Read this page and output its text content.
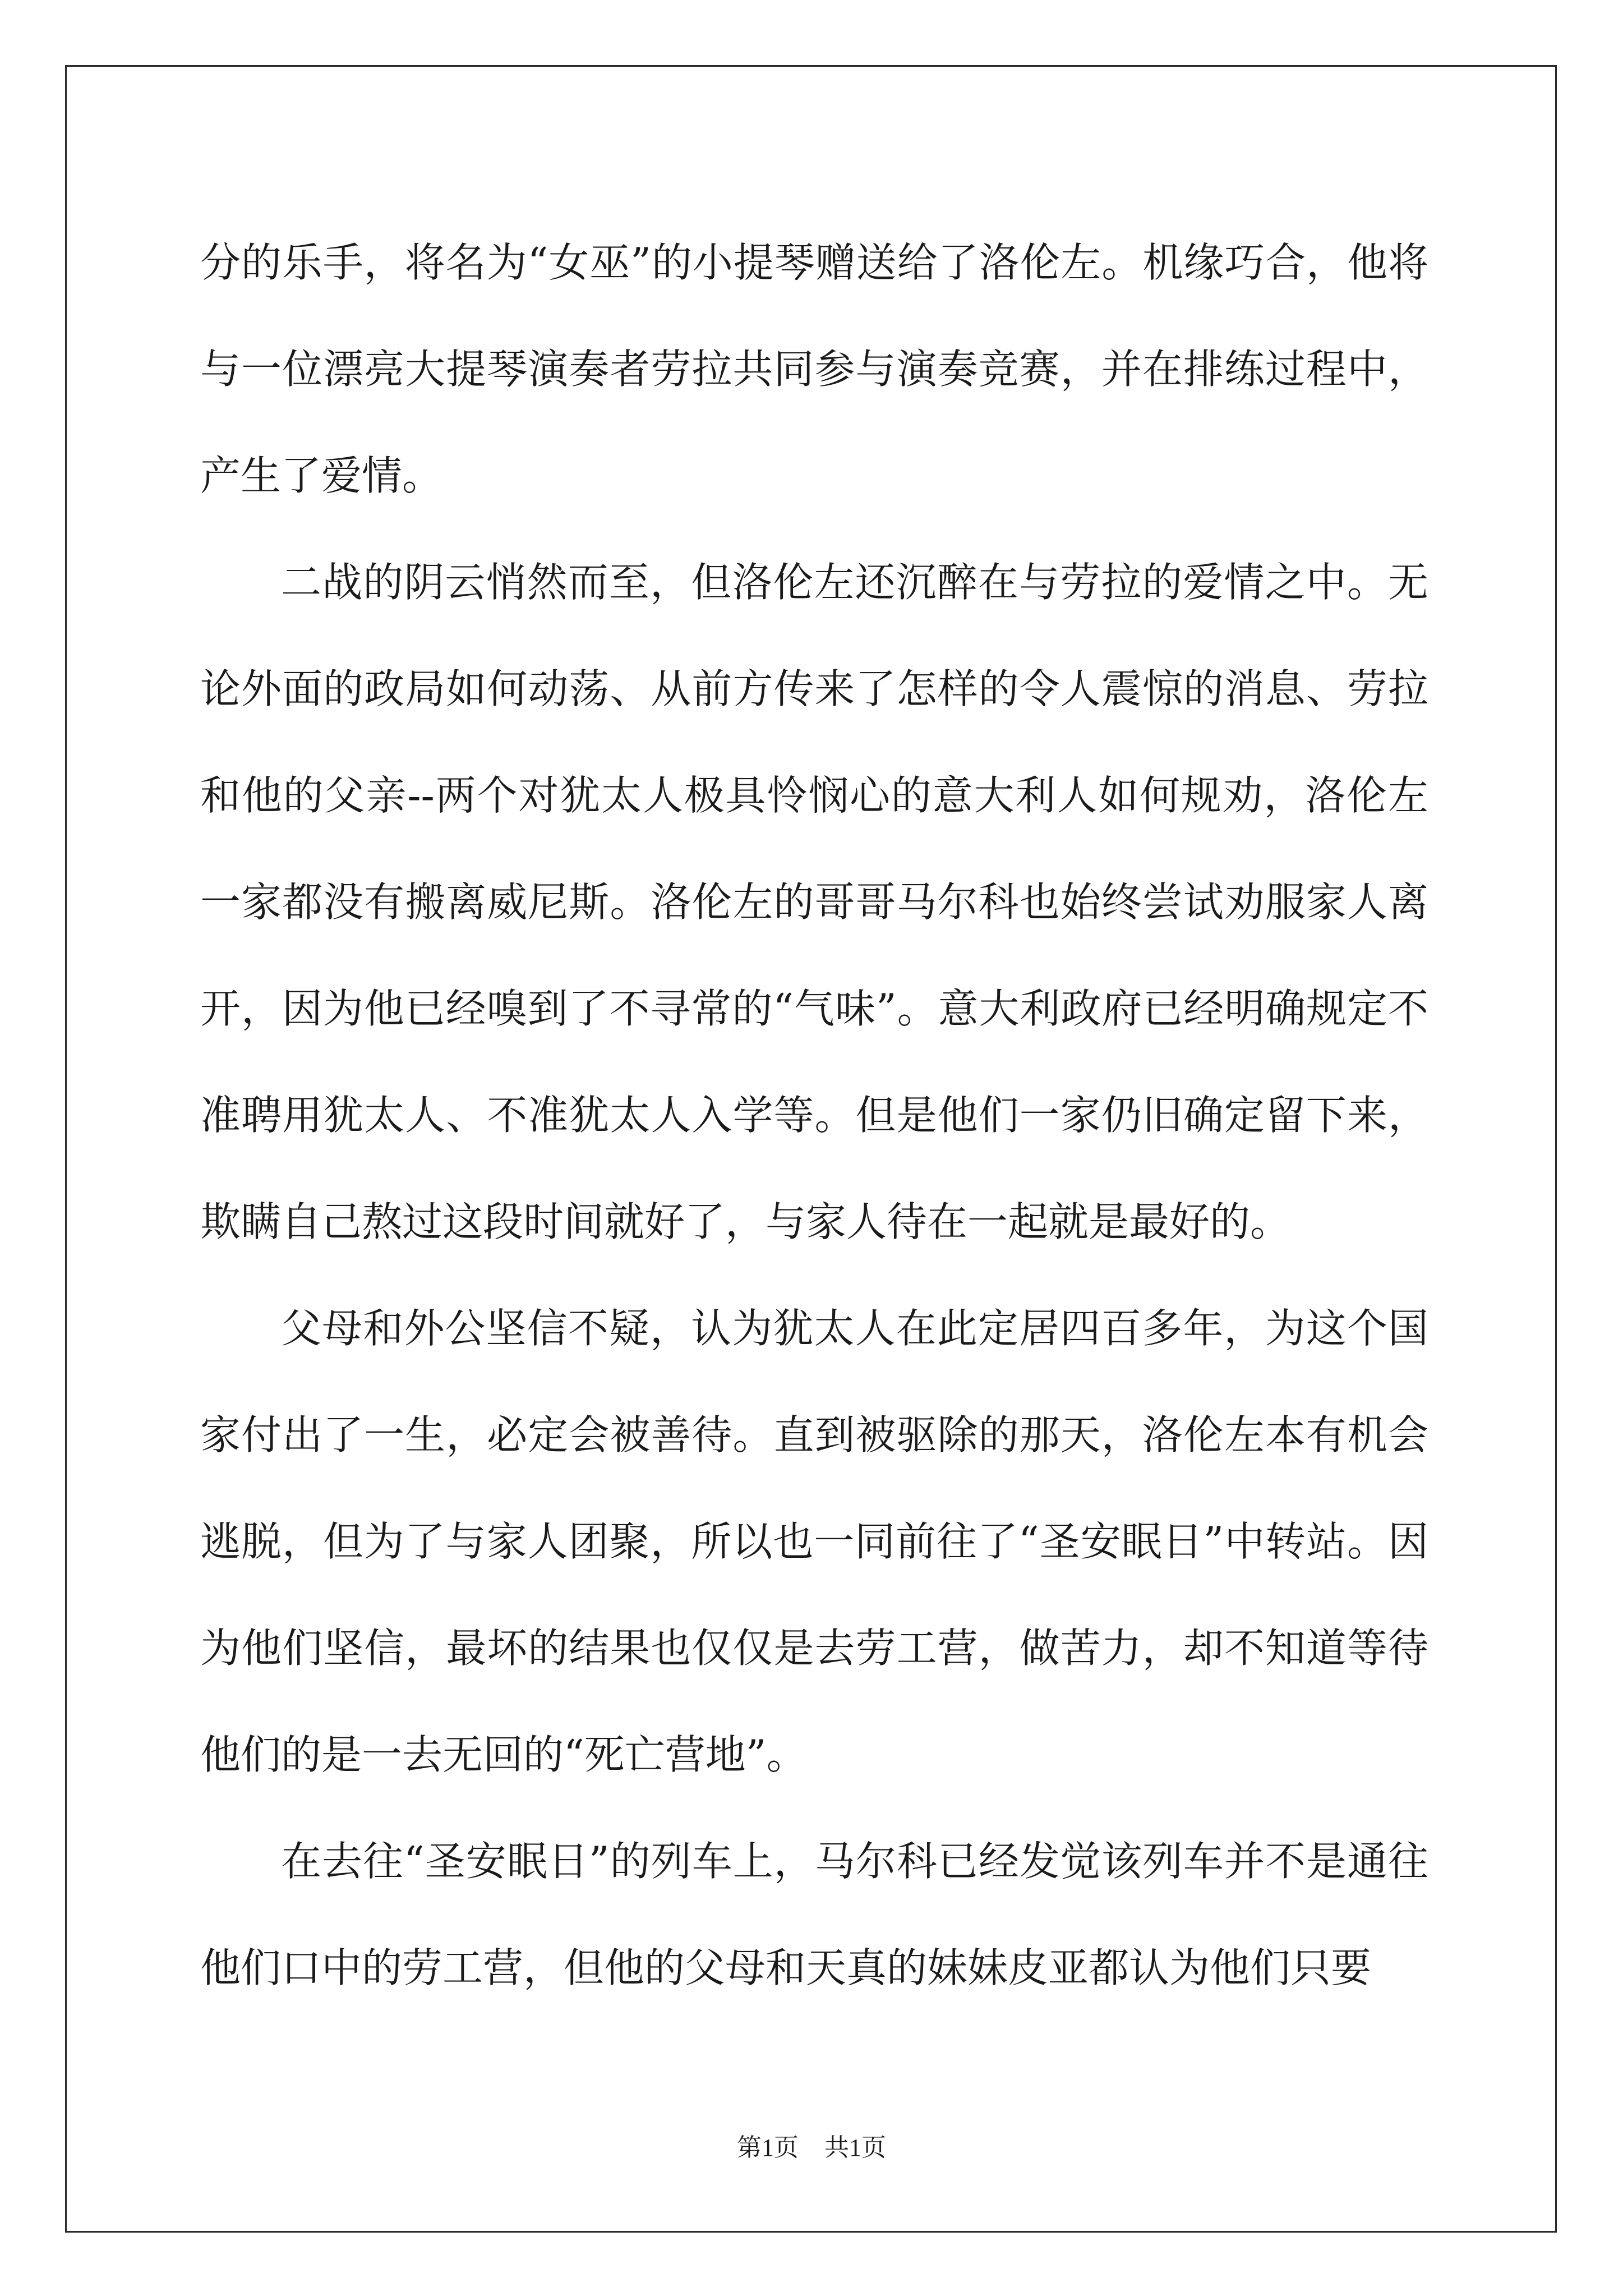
分的乐手，将名为“女巫”的小提琴赠送给了洛伦左。机缘巧合，他将与一位漂亮大提琴演奏者劳拉共同参与演奏竞赛，并在排练过程中，产生了爱情。

二战的阴云悄然而至，但洛伦左还沉醉在与劳拉的爱情之中。无论外面的政局如何动荡、从前方传来了怎样的令人震惊的消息、劳拉和他的父亲--两个对犹太人极具怜悯心的意大利人如何规劝，洛伦左一家都没有搬离威尼斯。洛伦左的哥哥马尔科也始终尝试劝服家人离开，因为他已经嗅到了不寻常的“气味”。意大利政府已经明确规定不准聘用犹太人、不准犹太人入学等。但是他们一家仍旧确定留下来，欺瞒自己熬过这段时间就好了，与家人待在一起就是最好的。

父母和外公坚信不疑，认为犹太人在此定居四百多年，为这个国家付出了一生，必定会被善待。直到被驱除的那天，洛伦左本有机会逃脱，但为了与家人团聚，所以也一同前往了“圣安眠日”中转站。因为他们坚信，最坏的结果也仅仅是去劳工营，做苦力，却不知道等待他们的是一去无回的“死亡营地”。

在去往“圣安眠日”的列车上，马尔科已经发觉该列车并不是通往他们口中的劳工营，但他的父母和天真的妹妹皮亚都认为他们只要

第1页 共1页
